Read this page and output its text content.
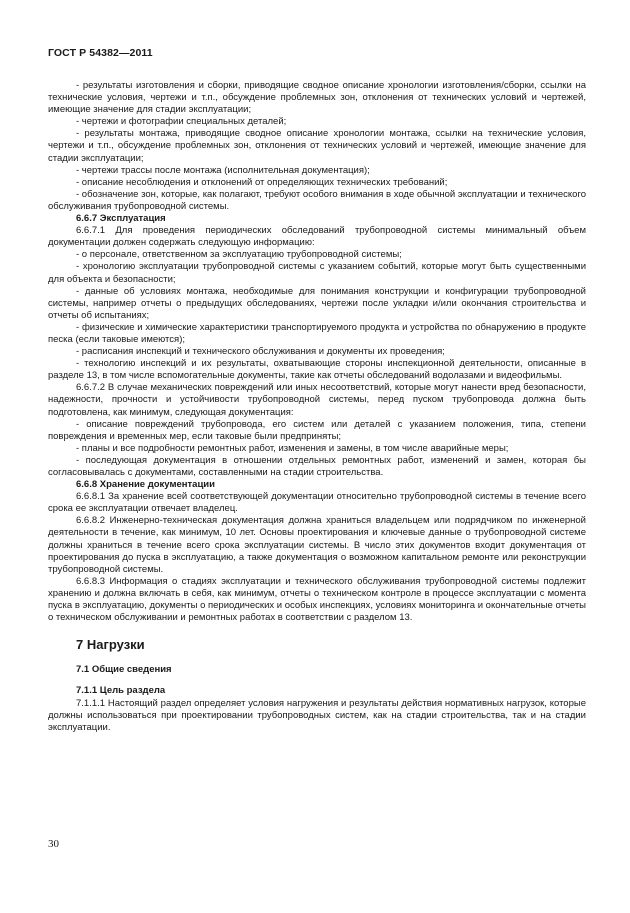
ГОСТ Р 54382—2011

- результаты изготовления и сборки, приводящие сводное описание хронологии изготовления/сборки, ссылки на технические условия, чертежи и т.п., обсуждение проблемных зон, отклонения от технических условий и чертежей, имеющие значение для стадии эксплуатации;

- чертежи и фотографии специальных деталей;

- результаты монтажа, приводящие сводное описание хронологии монтажа, ссылки на технические условия, чертежи и т.п., обсуждение проблемных зон, отклонения от технических условий и чертежей, имеющие значение для стадии эксплуатации;

- чертежи трассы после монтажа (исполнительная документация);

- описание несоблюдения и отклонений от определяющих технических требований;

- обозначение зон, которые, как полагают, требуют особого внимания в ходе обычной эксплуатации и технического обслуживания трубопроводной системы.

6.6.7 Эксплуатация

6.6.7.1 Для проведения периодических обследований трубопроводной системы минимальный объем документации должен содержать следующую информацию:

- о персонале, ответственном за эксплуатацию трубопроводной системы;

- хронологию эксплуатации трубопроводной системы с указанием событий, которые могут быть существенными для объекта и безопасности;

- данные об условиях монтажа, необходимые для понимания конструкции и конфигурации трубопроводной системы, например отчеты о предыдущих обследованиях, чертежи после укладки и/или окончания строительства и отчеты об испытаниях;

- физические и химические характеристики транспортируемого продукта и устройства по обнаружению в продукте песка (если таковые имеются);

- расписания инспекций и технического обслуживания и документы их проведения;

- технологию инспекций и их результаты, охватывающие стороны инспекционной деятельности, описанные в разделе 13, в том числе вспомогательные документы, такие как отчеты обследований водолазами и видеофильмы.

6.6.7.2 В случае механических повреждений или иных несоответствий, которые могут нанести вред безопасности, надежности, прочности и устойчивости трубопроводной системы, перед пуском трубопровода должна быть подготовлена, как минимум, следующая документация:

- описание повреждений трубопровода, его систем или деталей с указанием положения, типа, степени повреждения и временных мер, если таковые были предприняты;

- планы и все подробности ремонтных работ, изменения и замены, в том числе аварийные меры;

- последующая документация в отношении отдельных ремонтных работ, изменений и замен, которая бы согласовывалась с документами, составленными на стадии строительства.

6.6.8 Хранение документации

6.6.8.1 За хранение всей соответствующей документации относительно трубопроводной системы в течение всего срока ее эксплуатации отвечает владелец.

6.6.8.2 Инженерно-техническая документация должна храниться владельцем или подрядчиком по инженерной деятельности в течение, как минимум, 10 лет. Основы проектирования и ключевые данные о трубопроводной системе должны храниться в течение всего срока эксплуатации системы. В число этих документов входит документация от проектирования до пуска в эксплуатацию, а также документация о возможном капитальном ремонте или реконструкции трубопроводной системы.

6.6.8.3 Информация о стадиях эксплуатации и технического обслуживания трубопроводной системы подлежит хранению и должна включать в себя, как минимум, отчеты о техническом контроле в процессе эксплуатации с момента пуска в эксплуатацию, документы о периодических и особых инспекциях, условиях мониторинга и окончательные отчеты о техническом обслуживании и ремонтных работах в соответствии с разделом 13.

7 Нагрузки

7.1 Общие сведения

7.1.1 Цель раздела

7.1.1.1 Настоящий раздел определяет условия нагружения и результаты действия нормативных нагрузок, которые должны использоваться при проектировании трубопроводных систем, как на стадии строительства, так и на стадии эксплуатации.

30
